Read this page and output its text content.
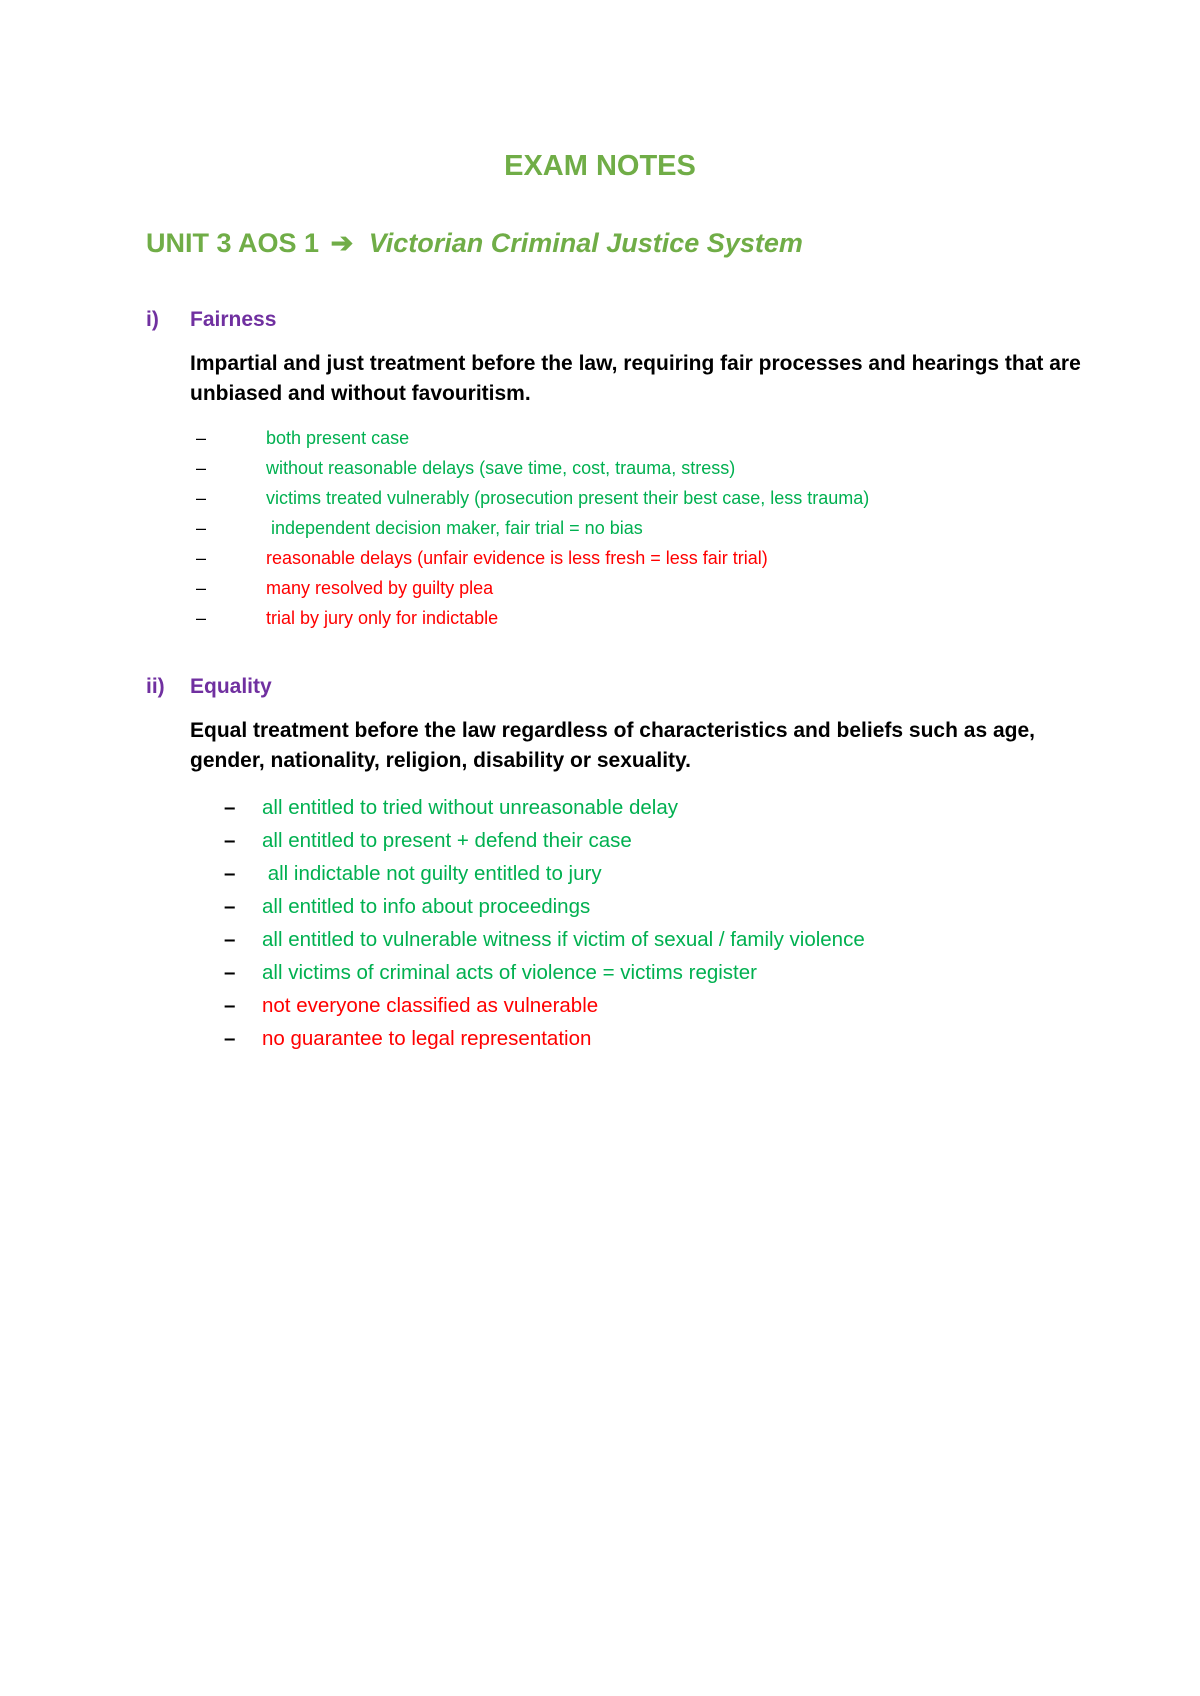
EXAM NOTES
UNIT 3 AOS 1 ➔ Victorian Criminal Justice System
i) Fairness
Impartial and just treatment before the law, requiring fair processes and hearings that are unbiased and without favouritism.
–	both present case
–	without reasonable delays (save time, cost, trauma, stress)
–	victims treated vulnerably (prosecution present their best case, less trauma)
–	independent decision maker, fair trial = no bias
–	reasonable delays (unfair evidence is less fresh = less fair trial)
–	many resolved by guilty plea
–	trial by jury only for indictable
ii) Equality
Equal treatment before the law regardless of characteristics and beliefs such as age, gender, nationality, religion, disability or sexuality.
– all entitled to tried without unreasonable delay
– all entitled to present + defend their case
– all indictable not guilty entitled to jury
– all entitled to info about proceedings
– all entitled to vulnerable witness if victim of sexual / family violence
– all victims of criminal acts of violence = victims register
– not everyone classified as vulnerable
– no guarantee to legal representation
